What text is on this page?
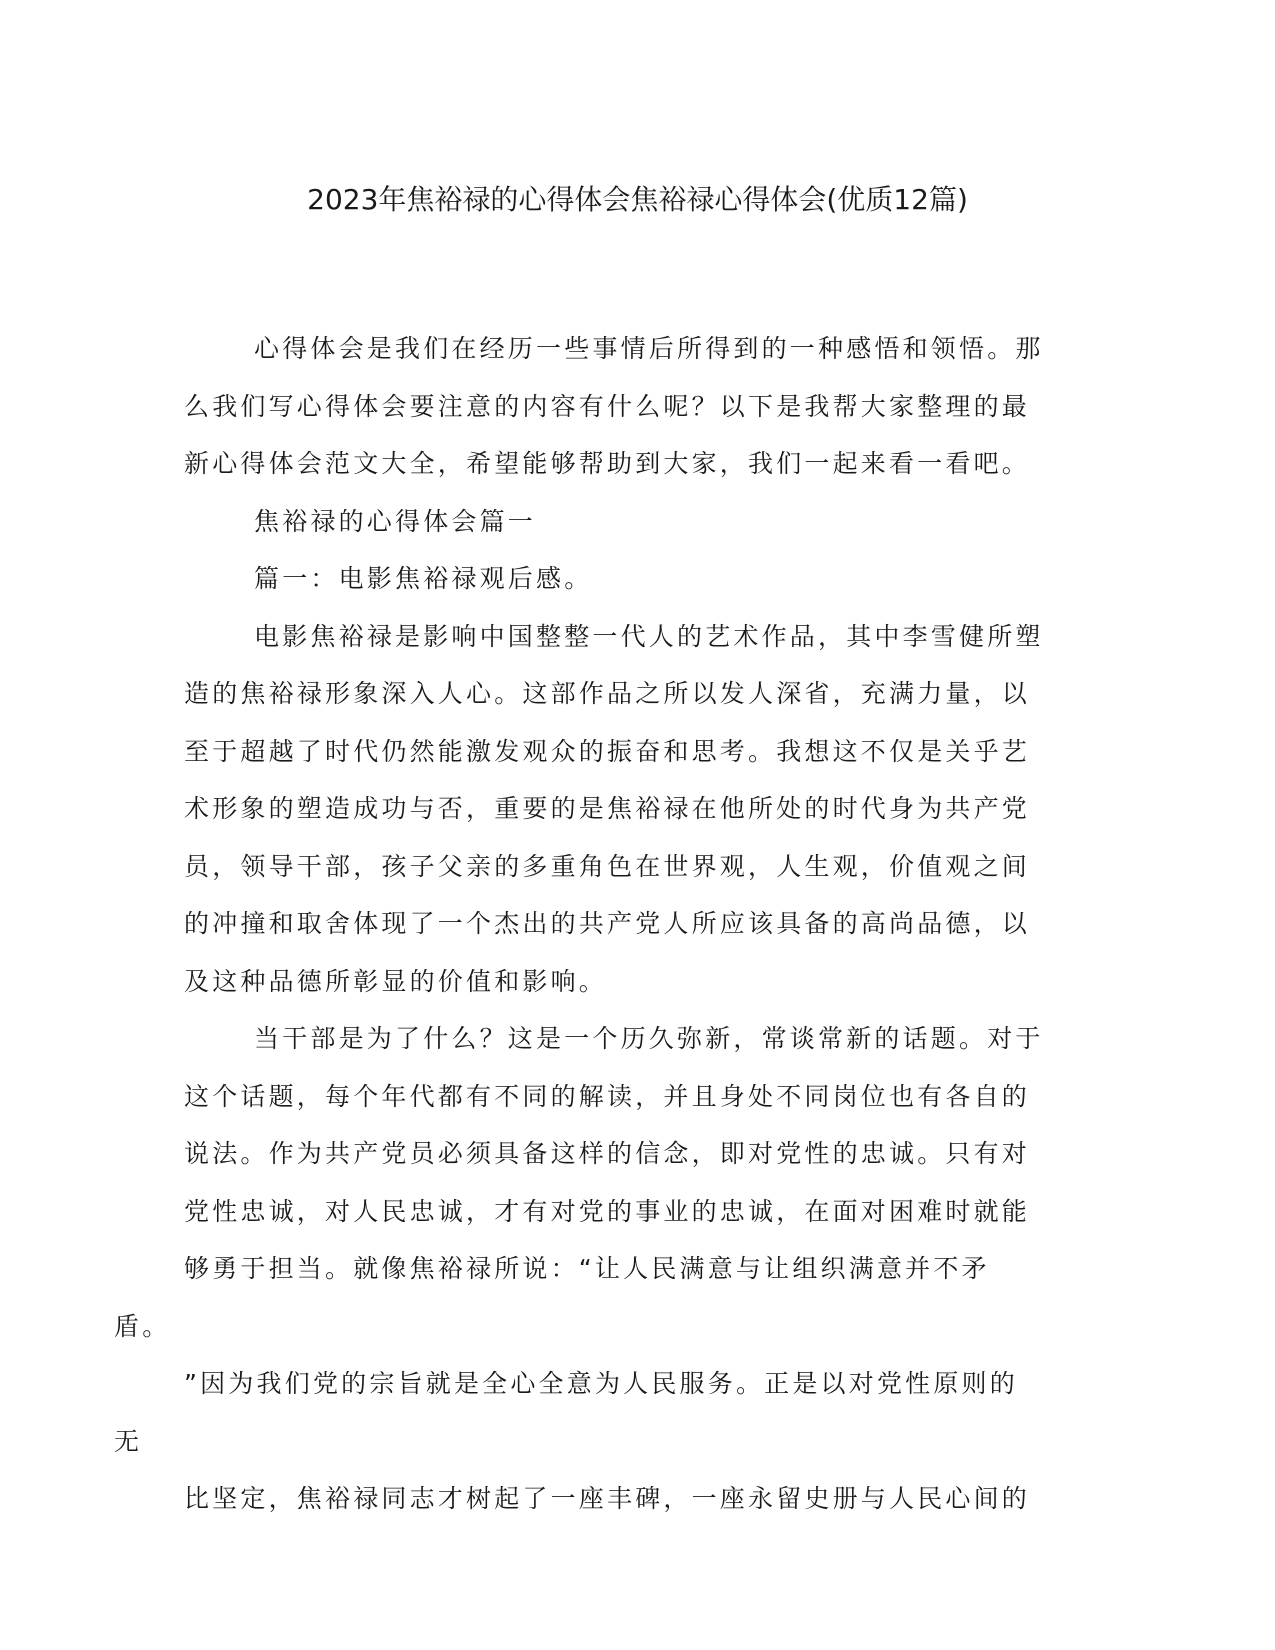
2023年焦裕禄的心得体会焦裕禄心得体会(优质12篇)

心得体会是我们在经历一些事情后所得到的一种感悟和领悟。那
么我们写心得体会要注意的内容有什么呢？以下是我帮大家整理的最
新心得体会范文大全，希望能够帮助到大家，我们一起来看一看吧。

焦裕禄的心得体会篇一

篇一：电影焦裕禄观后感。

电影焦裕禄是影响中国整整一代人的艺术作品，其中李雪健所塑
造的焦裕禄形象深入人心。这部作品之所以发人深省，充满力量，以
至于超越了时代仍然能激发观众的振奋和思考。我想这不仅是关乎艺
术形象的塑造成功与否，重要的是焦裕禄在他所处的时代身为共产党
员，领导干部，孩子父亲的多重角色在世界观，人生观，价值观之间
的冲撞和取舍体现了一个杰出的共产党人所应该具备的高尚品德，以
及这种品德所彰显的价值和影响。

当干部是为了什么？这是一个历久弥新，常谈常新的话题。对于
这个话题，每个年代都有不同的解读，并且身处不同岗位也有各自的
说法。作为共产党员必须具备这样的信念，即对党性的忠诚。只有对
党性忠诚，对人民忠诚，才有对党的事业的忠诚，在面对困难时就能
够勇于担当。就像焦裕禄所说：“让人民满意与让组织满意并不矛盾。
”因为我们党的宗旨就是全心全意为人民服务。正是以对党性原则的无
比坚定，焦裕禄同志才树起了一座丰碑，一座永留史册与人民心间的
